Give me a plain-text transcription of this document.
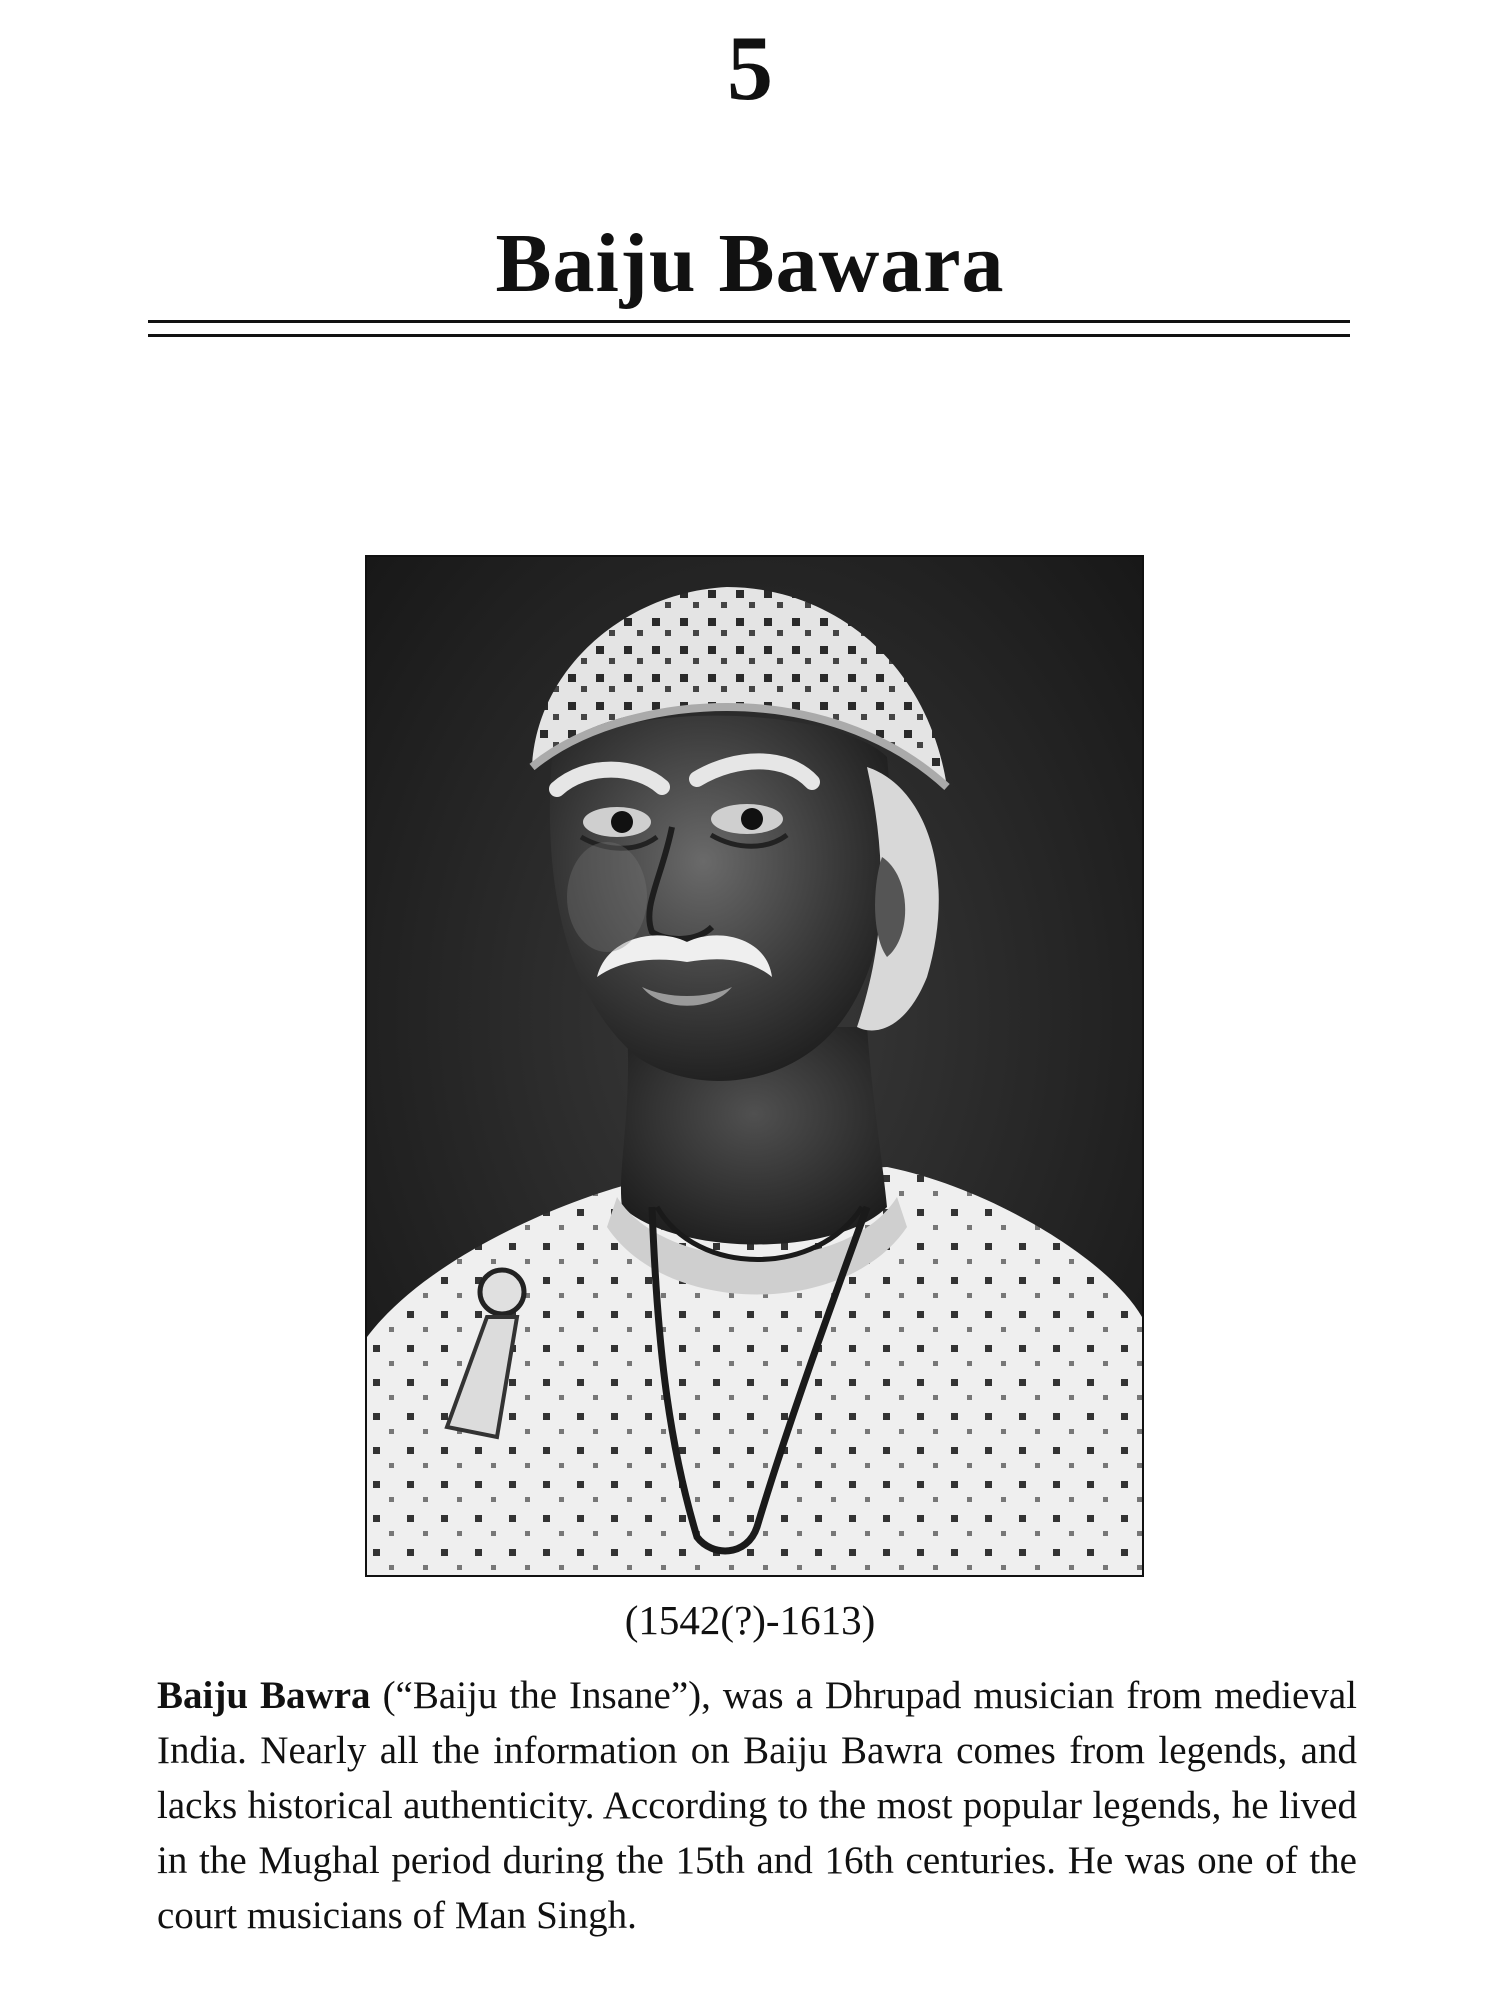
5
Baiju Bawara
(1542(?)-1613)

Baiju Bawra (“Baiju the Insane”), was a Dhrupad musician from medieval India. Nearly all the information on Baiju Bawra comes from legends, and lacks historical authenticity. According to the most popular legends, he lived in the Mughal period during the 15th and 16th centuries. He was one of the court musicians of Man Singh.
